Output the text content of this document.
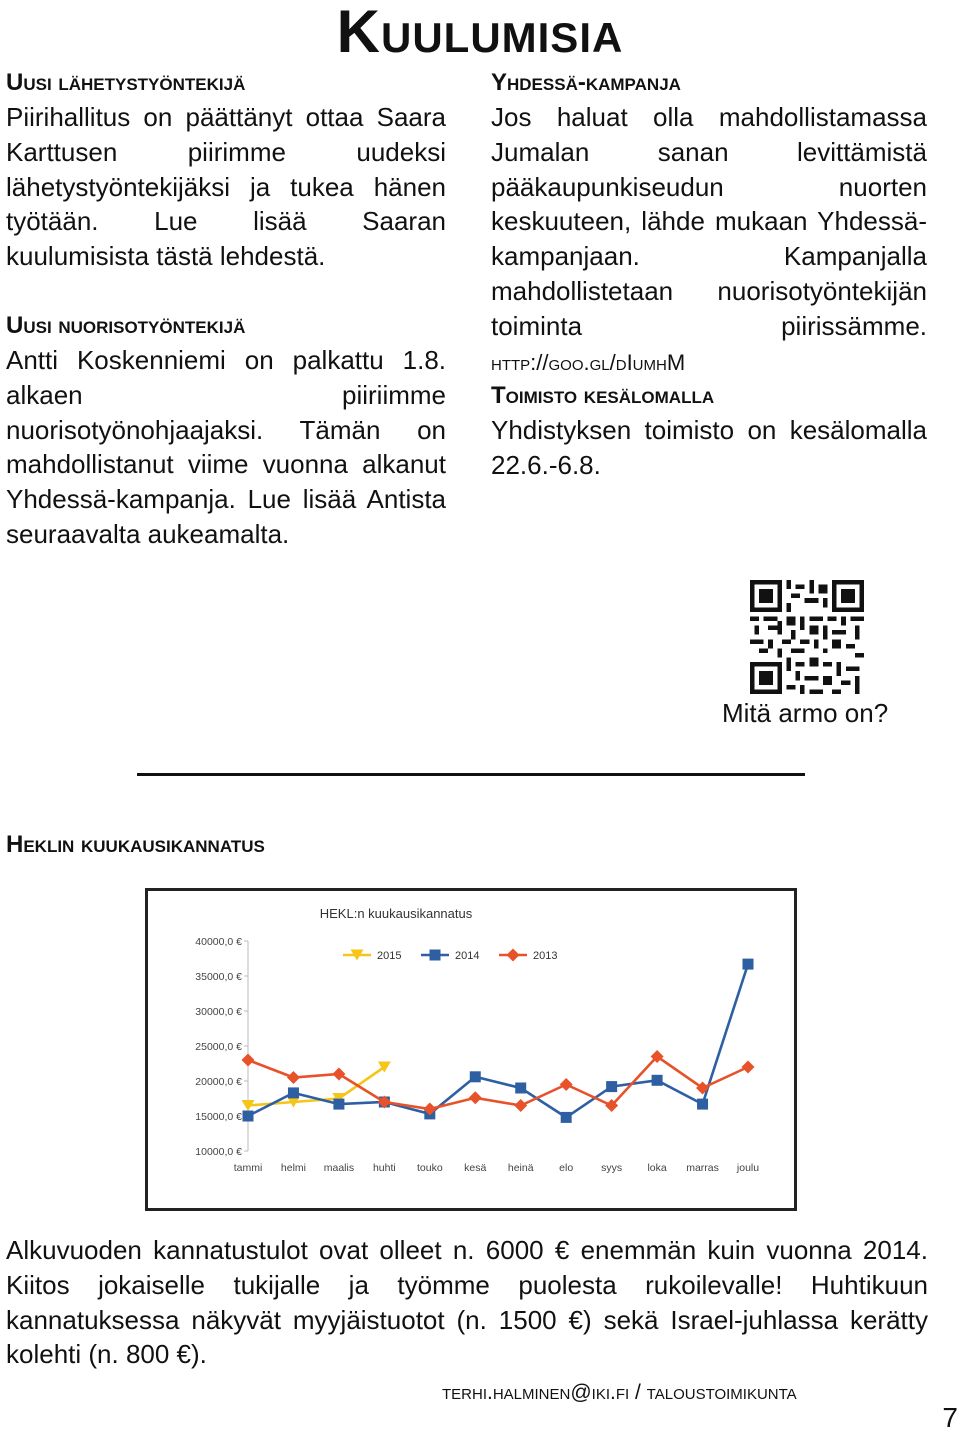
Kuulumisia
Uusi lähetystyöntekijä

Piirihallitus on päättänyt ottaa Saara Karttusen piirimme uudeksi lähetystyöntekijäksi ja tukea hänen työtään. Lue lisää Saaran kuulumisista tästä lehdestä.

Uusi nuorisotyöntekijä

Antti Koskenniemi on palkattu 1.8. alkaen piiriimme nuorisotyönohjaajaksi. Tämän on mahdollistanut viime vuonna alkanut Yhdessä-kampanja. Lue lisää Antista seuraavalta aukeamalta.

Yhdessä-kampanja

Jos haluat olla mahdollistamassa Jumalan sanan levittämistä pääkaupunkiseudun nuorten keskuuteen, lähde mukaan Yhdessä-kampanjaan. Kampanjalla mahdollistetaan nuorisotyöntekijän toiminta piirissämme. http://goo.gl/dIumhM

Toimisto kesälomalla

Yhdistyksen toimisto on kesälomalla 22.6.-6.8.

Mitä armo on?
Heklin kuukausikannatus
HEKL:n kuukausikannatus
2015	2014	2013
40000,0 €
35000,0 €
30000,0 €
25000,0 €
20000,0 €
15000,0 €
10000,0 €
tammi helmi maalis huhti touko kesä heinä elo	syys loka marras joulu

Alkuvuoden kannatustulot ovat olleet n. 6000 € enemmän kuin vuonna 2014. Kiitos jokaiselle tukijalle ja työmme puolesta rukoilevalle! Huhtikuun kannatuksessa näkyvät myyjäistuotot (n. 1500 €) sekä Israel-juhlassa kerätty kolehti (n. 800 €).

terhi.halminen@iki.fi / taloustoimikunta
7
